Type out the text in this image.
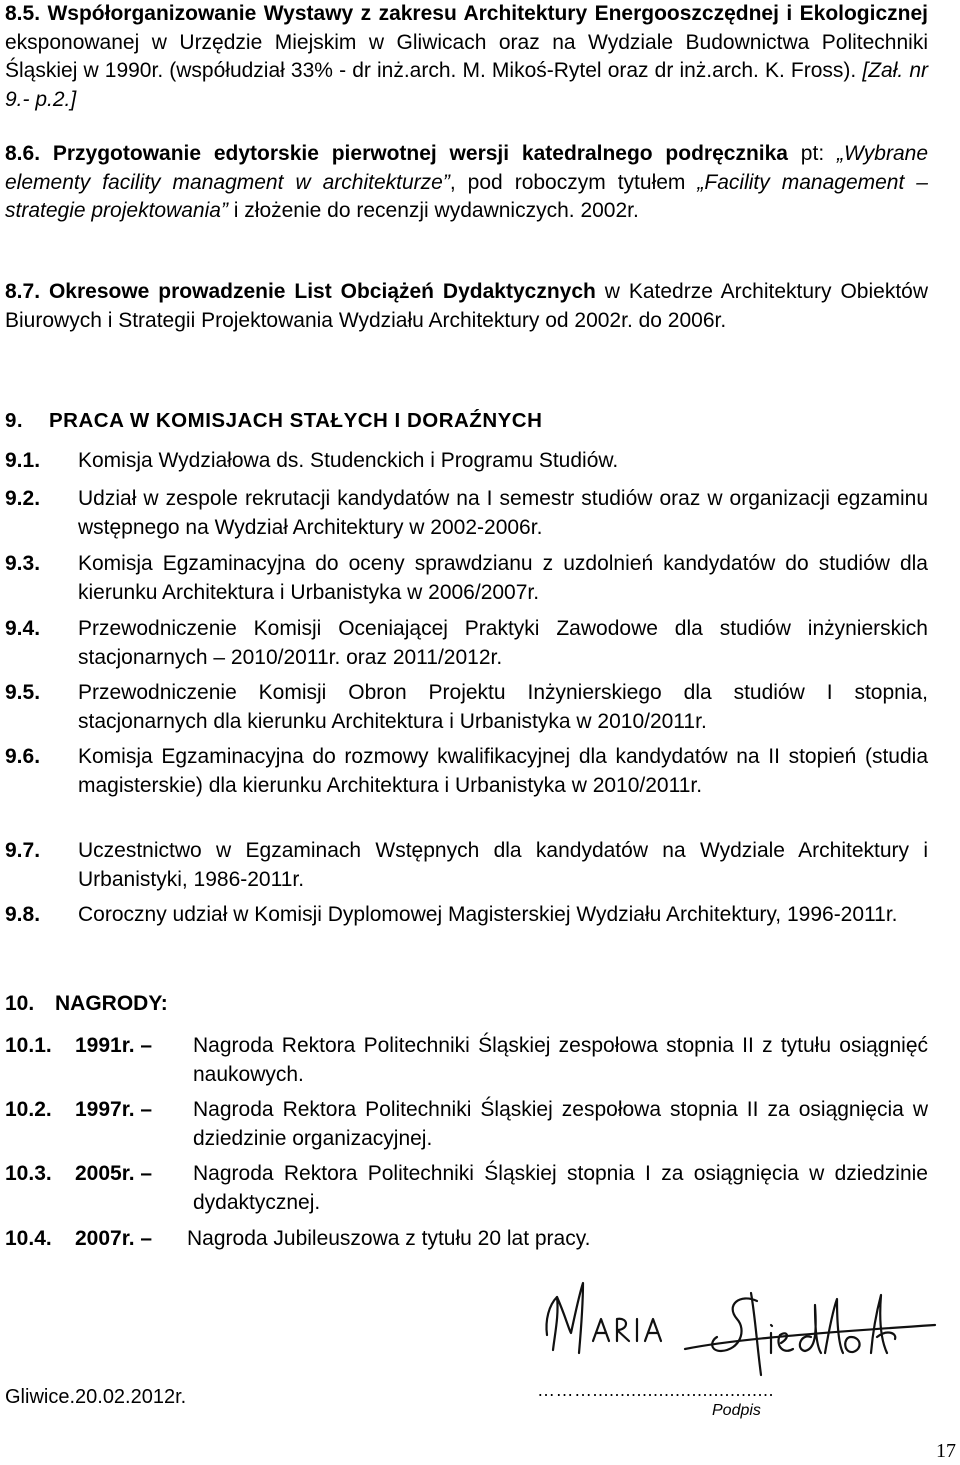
8.5. Współorganizowanie Wystawy z zakresu Architektury Energooszczędnej i Ekologicznej eksponowanej w Urzędzie Miejskim w Gliwicach oraz na Wydziale Budownictwa Politechniki Śląskiej w 1990r. (współudział 33% - dr inż.arch. M. Mikoś-Rytel oraz dr inż.arch. K. Fross). [Zał. nr 9.- p.2.]

8.6. Przygotowanie edytorskie pierwotnej wersji katedralnego podręcznika pt: „Wybrane elementy facility managment w architekturze”, pod roboczym tytułem „Facility management – strategie projektowania” i złożenie do recenzji wydawniczych. 2002r.

8.7. Okresowe prowadzenie List Obciążeń Dydaktycznych w Katedrze Architektury Obiektów Biurowych i Strategii Projektowania Wydziału Architektury od 2002r. do 2006r.

9. PRACA W KOMISJACH STAŁYCH I DORAŹNYCH
9.1.	Komisja Wydziałowa ds. Studenckich i Programu Studiów.
9.2.	Udział w zespole rekrutacji kandydatów na I semestr studiów oraz w organizacji egzaminu wstępnego na Wydział Architektury w 2002-2006r.
9.3.	Komisja Egzaminacyjna do oceny sprawdzianu z uzdolnień kandydatów do studiów dla kierunku Architektura i Urbanistyka w 2006/2007r.
9.4.	Przewodniczenie Komisji Oceniającej Praktyki Zawodowe dla studiów inżynierskich stacjonarnych – 2010/2011r. oraz 2011/2012r.
9.5.	Przewodniczenie Komisji Obron Projektu Inżynierskiego dla studiów I stopnia, stacjonarnych dla kierunku Architektura i Urbanistyka w 2010/2011r.
9.6.	Komisja Egzaminacyjna do rozmowy kwalifikacyjnej dla kandydatów na II stopień (studia magisterskie) dla kierunku Architektura i Urbanistyka w 2010/2011r.
9.7.	Uczestnictwo w Egzaminach Wstępnych dla kandydatów na Wydziale Architektury i Urbanistyki, 1986-2011r.
9.8.	Coroczny udział w Komisji Dyplomowej Magisterskiej Wydziału Architektury, 1996-2011r.
10. NAGRODY:
10.1.	1991r. –	Nagroda Rektora Politechniki Śląskiej zespołowa stopnia II z tytułu osiągnięć naukowych.
10.2.	1997r. –	Nagroda Rektora Politechniki Śląskiej zespołowa stopnia II za osiągnięcia w dziedzinie organizacyjnej.
10.3.	2005r. –	Nagroda Rektora Politechniki Śląskiej stopnia I za osiągnięcia w dziedzinie dydaktycznej.
10.4.	2007r. –	Nagroda Jubileuszowa z tytułu 20 lat pracy.
Gliwice.20.02.2012r.	……….................................
Podpis
17
